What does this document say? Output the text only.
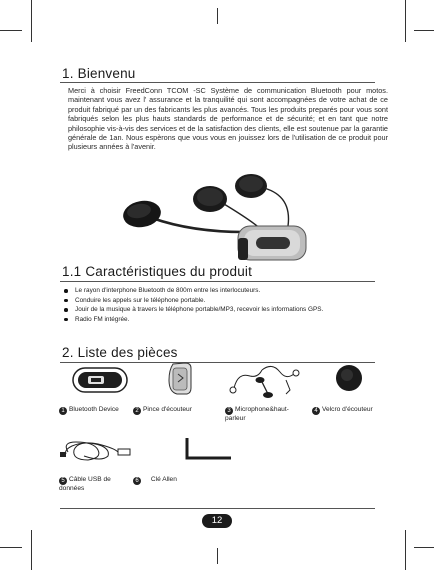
1. Bienvenu
Merci à choisir FreedConn TCOM -SC Système de communication Bluetooth pour motos. maintenant vous avez l' assurance et la tranquilité qui sont accompagnées de votre achat de ce produit fabriqué par un des fabricants les plus avancés. Tous les produits preparés pour vous sont fabriqués selon les plus hauts standards de performance et de sécurité; et en tant que notre philosophie vis-à-vis des services et de la satisfaction des clients, elle est soutenue par la garantie générale de 1an. Nous espèrons que vous vous en jouissez lors de l'utilisation de ce produit pour plusieurs années à l'avenir.
1.1 Caractéristiques du produit
Le rayon d'interphone Bluetooth de 800m entre les interlocuteurs.
Conduire les appels sur le téléphone portable.
Jouir de la musique à travers le téléphone portable/MP3, recevoir les informations GPS.
Radio FM intégrée.
2. Liste des pièces
1 Bluetooth Device	2 Pince d'écouteur	3 Microphone&haut-parleur
4 Velcro d'écouteur
5 Câble USB de données
6 Clé Allen
12
